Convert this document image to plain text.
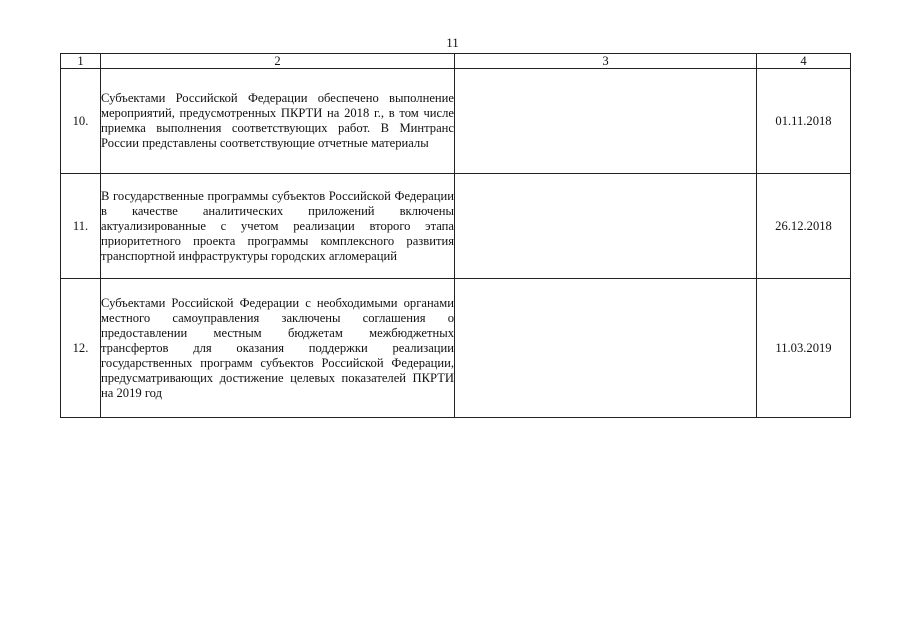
11
1	2	3	4
10.	Субъектами Российской Федерации обеспечено выполнение мероприятий, предусмотренных ПКРТИ на 2018 г., в том числе приемка выполнения соответствующих работ. В Минтранс России представлены соответствующие отчетные материалы		01.11.2018
11.	В государственные программы субъектов Российской Федерации в качестве аналитических приложений включены актуализированные с учетом реализации второго этапа приоритетного проекта программы комплексного развития транспортной инфраструктуры городских агломераций		26.12.2018
12.	Субъектами Российской Федерации с необходимыми органами местного самоуправления заключены соглашения о предоставлении местным бюджетам межбюджетных трансфертов для оказания поддержки реализации государственных программ субъектов Российской Федерации, предусматривающих достижение целевых показателей ПКРТИ на 2019 год		11.03.2019
